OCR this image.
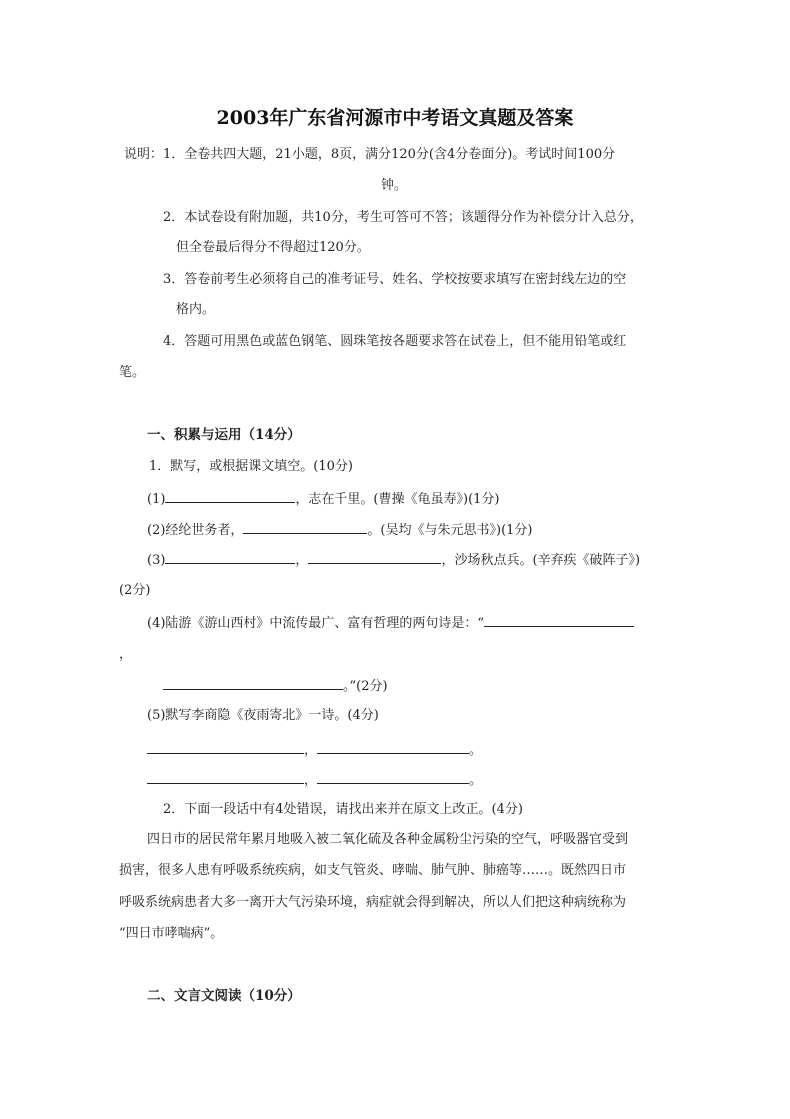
2003年广东省河源市中考语文真题及答案
说明：1．全卷共四大题，21小题，8页，满分120分(含4分卷面分)。考试时间100分
钟。
2．本试卷设有附加题，共10分，考生可答可不答；该题得分作为补偿分计入总分，
但全卷最后得分不得超过120分。
3．答卷前考生必须将自己的准考证号、姓名、学校按要求填写在密封线左边的空
格内。
4．答题可用黑色或蓝色钢笔、圆珠笔按各题要求答在试卷上，但不能用铅笔或红
笔。
一、积累与运用（14分）
1．默写，或根据课文填空。(10分)
(1)	，志在千里。(曹操《龟虽寿》)(1分)
(2)经纶世务者，	。(吴均《与朱元思书》)(1分)
(3)	，	，沙场秋点兵。(辛弃疾《破阵子》)
(2分)
(4)陆游《游山西村》中流传最广、富有哲理的两句诗是：“
，
。”(2分)
(5)默写李商隐《夜雨寄北》一诗。(4分)
，	。
，	。
2．下面一段话中有4处错误，请找出来并在原文上改正。(4分)
四日市的居民常年累月地吸入被二氧化硫及各种金属粉尘污染的空气，呼吸器官受到
损害，很多人患有呼吸系统疾病，如支气管炎、哮喘、肺气肿、肺癌等……。既然四日市
呼吸系统病患者大多一离开大气污染环境，病症就会得到解决，所以人们把这种病统称为
“四日市哮喘病”。
二、文言文阅读（10分）
